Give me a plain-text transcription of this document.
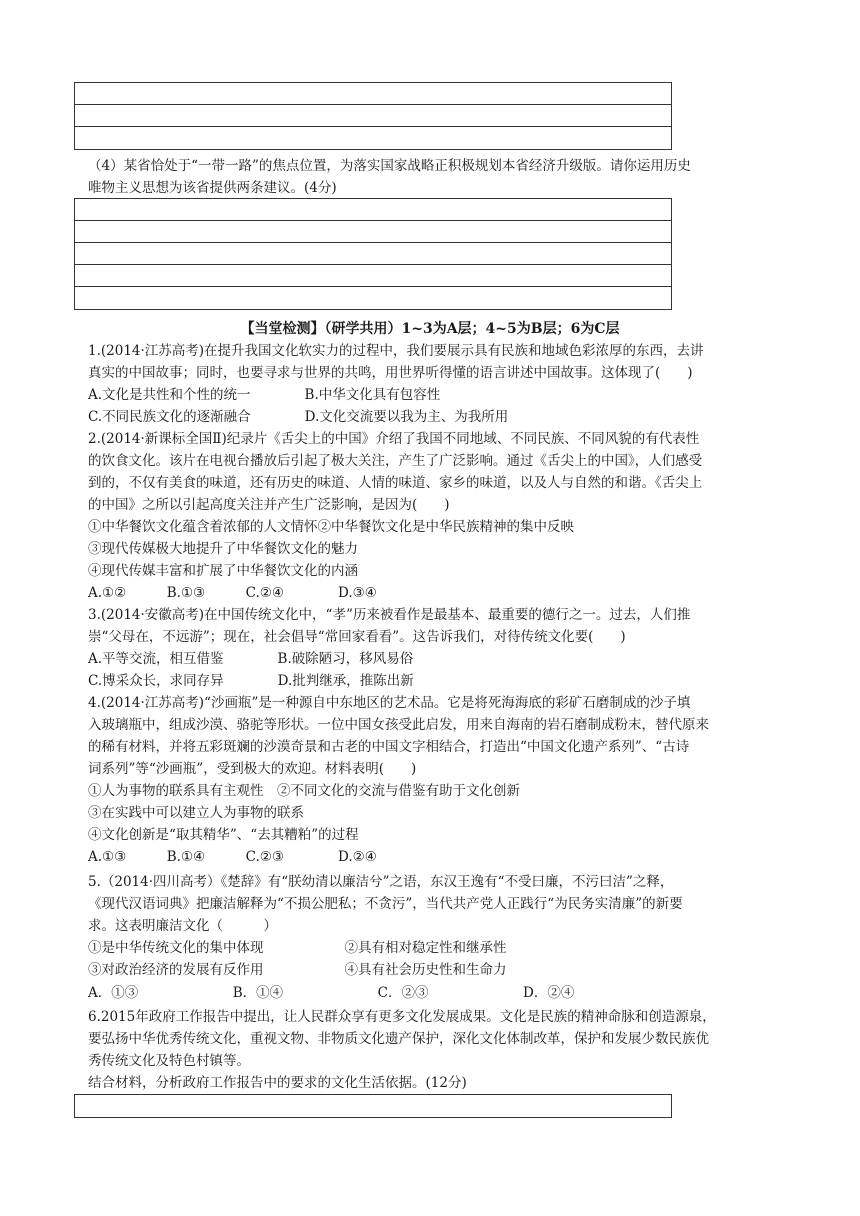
（4）某省恰处于“一带一路”的焦点位置，为落实国家战略正积极规划本省经济升级版。请你运用历史
唯物主义思想为该省提供两条建议。(4分)
【当堂检测】（研学共用）1~3为A层；4~5为B层；6为C层
1.(2014·江苏高考)在提升我国文化软实力的过程中，我们要展示具有民族和地域色彩浓厚的东西，去讲
真实的中国故事；同时，也要寻求与世界的共鸣，用世界听得懂的语言讲述中国故事。这体现了(　　)
A.文化是共性和个性的统一　　　　B.中华文化具有包容性
C.不同民族文化的逐渐融合　　　　D.文化交流要以我为主、为我所用
2.(2014·新课标全国Ⅱ)纪录片《舌尖上的中国》介绍了我国不同地域、不同民族、不同风貌的有代表性
的饮食文化。该片在电视台播放后引起了极大关注，产生了广泛影响。通过《舌尖上的中国》，人们感受
到的，不仅有美食的味道，还有历史的味道、人情的味道、家乡的味道，以及人与自然的和谐。《舌尖上
的中国》之所以引起高度关注并产生广泛影响，是因为(　　)
①中华餐饮文化蕴含着浓郁的人文情怀②中华餐饮文化是中华民族精神的集中反映
③现代传媒极大地提升了中华餐饮文化的魅力
④现代传媒丰富和扩展了中华餐饮文化的内涵
A.①②　　　B.①③　　　C.②④　　　　D.③④
3.(2014·安徽高考)在中国传统文化中，“孝”历来被看作是最基本、最重要的德行之一。过去，人们推
崇“父母在，不远游”；现在，社会倡导“常回家看看”。这告诉我们，对待传统文化要(　　)
A.平等交流，相互借鉴　　　　B.破除陋习，移风易俗
C.博采众长，求同存异　　　　D.批判继承，推陈出新
4.(2014·江苏高考)“沙画瓶”是一种源自中东地区的艺术品。它是将死海海底的彩矿石磨制成的沙子填
入玻璃瓶中，组成沙漠、骆驼等形状。一位中国女孩受此启发，用来自海南的岩石磨制成粉末，替代原来
的稀有材料，并将五彩斑斓的沙漠奇景和古老的中国文字相结合，打造出“中国文化遗产系列”、“古诗
词系列”等“沙画瓶”，受到极大的欢迎。材料表明(　　)
①人为事物的联系具有主观性　②不同文化的交流与借鉴有助于文化创新
③在实践中可以建立人为事物的联系
④文化创新是“取其精华”、“去其糟粕”的过程
A.①③　　　B.①④　　　C.②③　　　　D.②④
5.（2014·四川高考）《楚辞》有“朕幼清以廉洁兮”之语，东汉王逸有“不受曰廉，不污曰洁”之释，
《现代汉语词典》把廉洁解释为“不损公肥私；不贪污”，当代共产党人正践行“为民务实清廉”的新要
求。这表明廉洁文化（　　　）
①是中华传统文化的集中体现　　　　　　②具有相对稳定性和继承性
③对政治经济的发展有反作用　　　　　　④具有社会历史性和生命力
A．①③　　　　　　　B．①④　　　　　　　C．②③　　　　　　　D．②④
6.2015年政府工作报告中提出，让人民群众享有更多文化发展成果。文化是民族的精神命脉和创造源泉，
要弘扬中华优秀传统文化，重视文物、非物质文化遗产保护，深化文化体制改革，保护和发展少数民族优
秀传统文化及特色村镇等。
结合材料，分析政府工作报告中的要求的文化生活依据。(12分)
